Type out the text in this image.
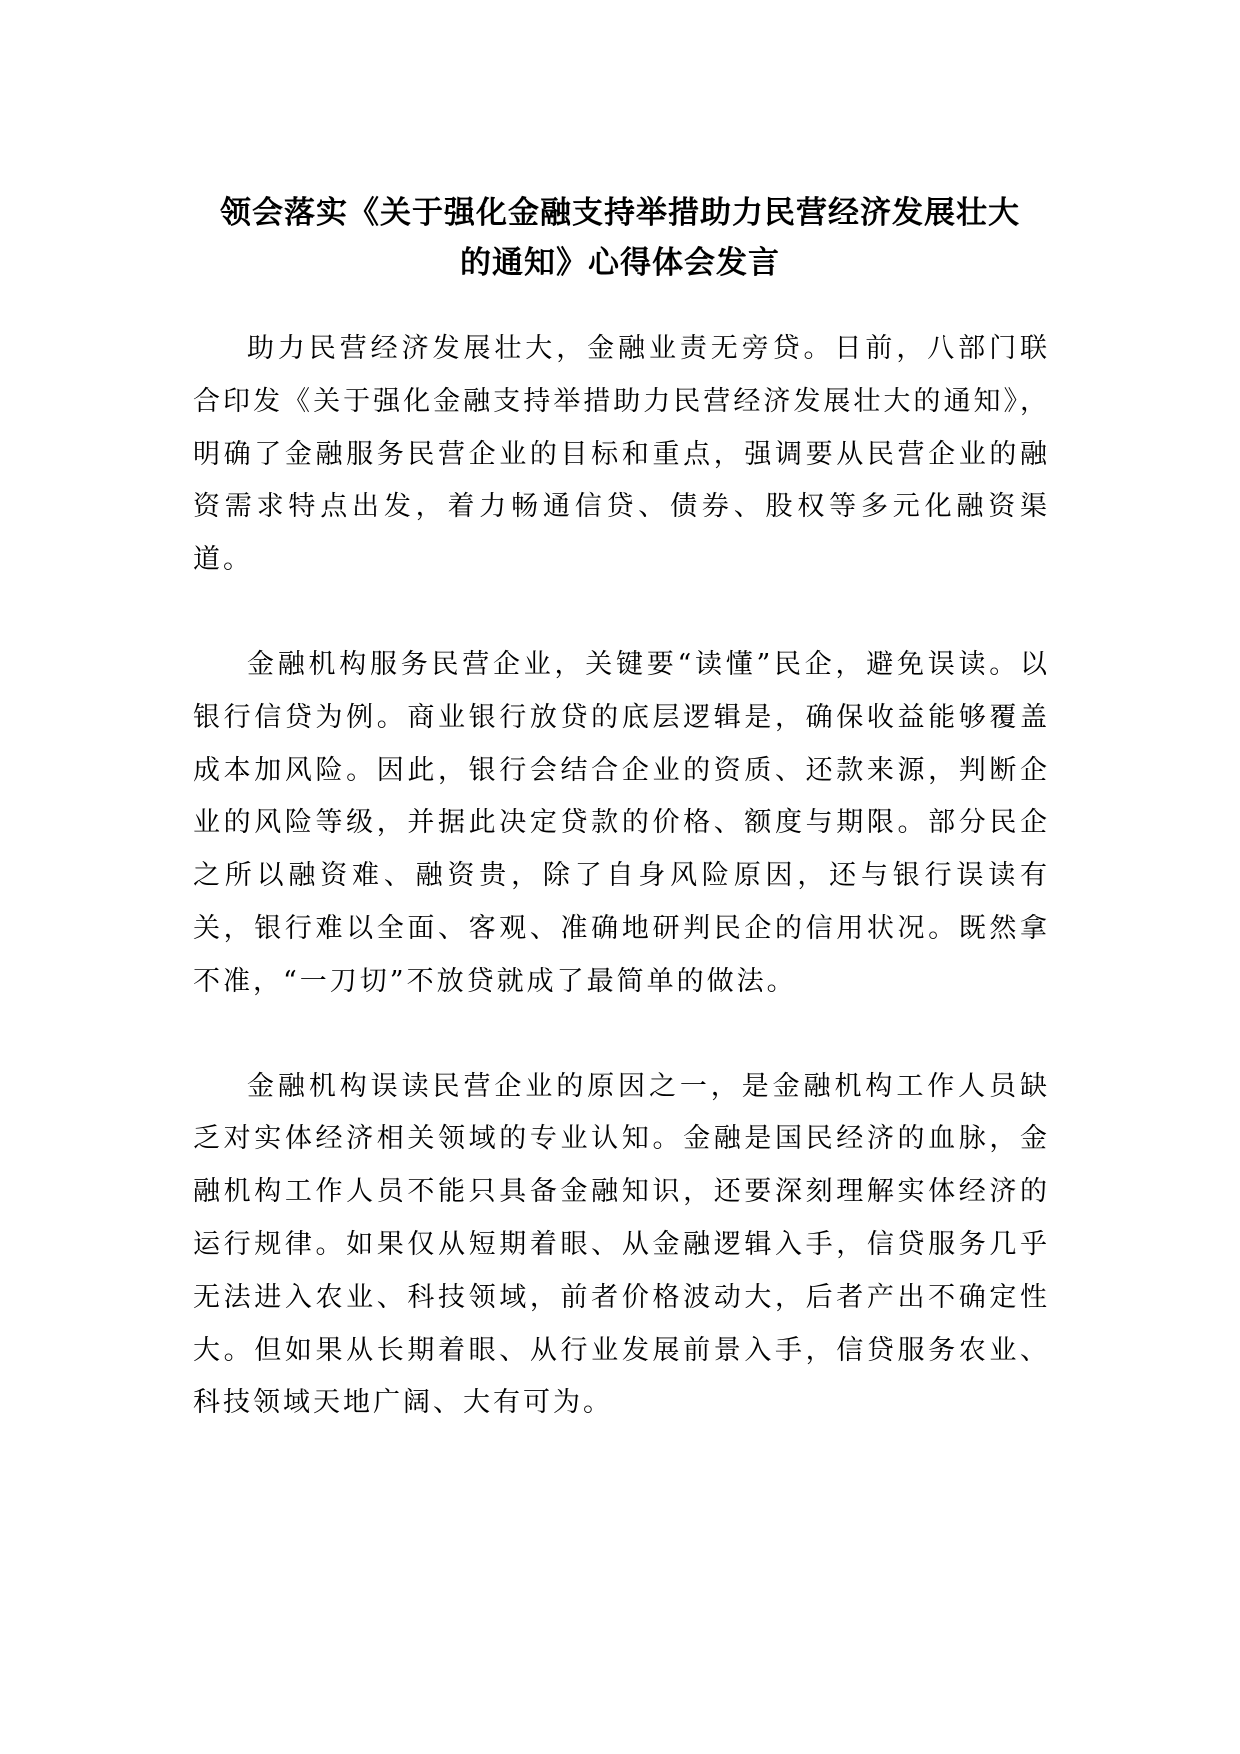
领会落实《关于强化金融支持举措助力民营经济发展壮大
的通知》心得体会发言

助力民营经济发展壮大，金融业责无旁贷。日前，八部门联合印发《关于强化金融支持举措助力民营经济发展壮大的通知》，明确了金融服务民营企业的目标和重点，强调要从民营企业的融资需求特点出发，着力畅通信贷、债券、股权等多元化融资渠道。

金融机构服务民营企业，关键要“读懂”民企，避免误读。以银行信贷为例。商业银行放贷的底层逻辑是，确保收益能够覆盖成本加风险。因此，银行会结合企业的资质、还款来源，判断企业的风险等级，并据此决定贷款的价格、额度与期限。部分民企之所以融资难、融资贵，除了自身风险原因，还与银行误读有关，银行难以全面、客观、准确地研判民企的信用状况。既然拿不准，“一刀切”不放贷就成了最简单的做法。

金融机构误读民营企业的原因之一，是金融机构工作人员缺乏对实体经济相关领域的专业认知。金融是国民经济的血脉，金融机构工作人员不能只具备金融知识，还要深刻理解实体经济的运行规律。如果仅从短期着眼、从金融逻辑入手，信贷服务几乎无法进入农业、科技领域，前者价格波动大，后者产出不确定性大。但如果从长期着眼、从行业发展前景入手，信贷服务农业、科技领域天地广阔、大有可为。
